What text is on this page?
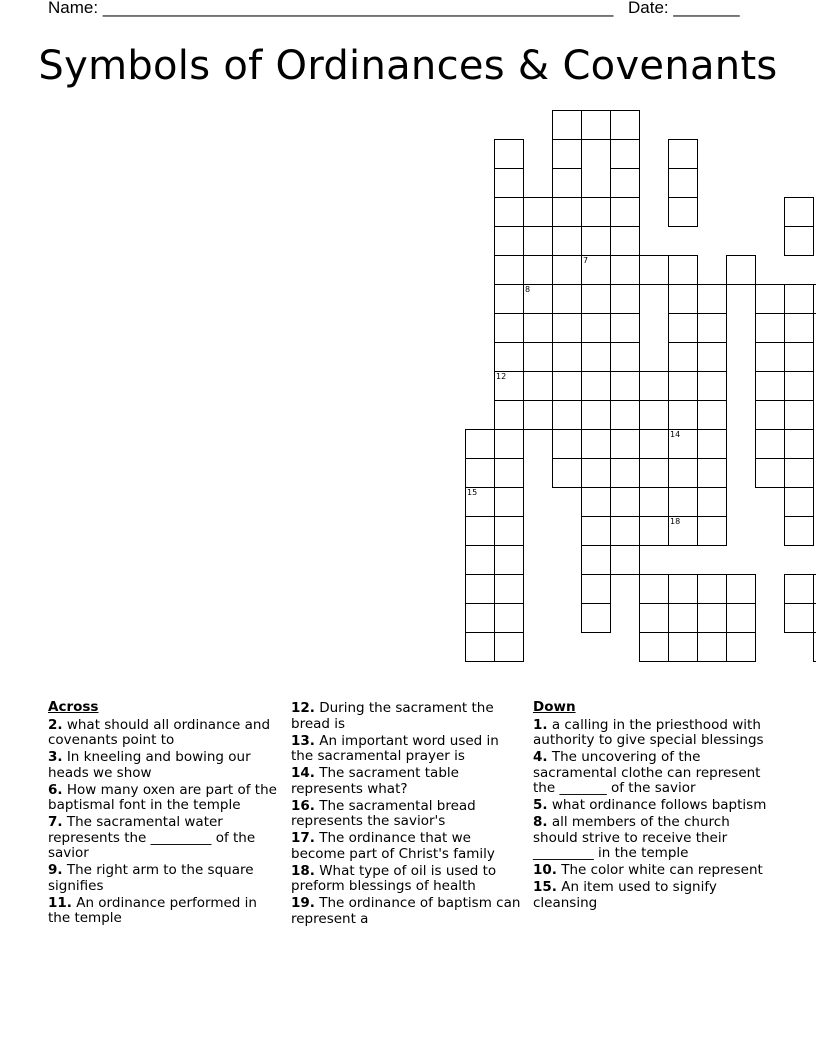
Name: ______________________________________________________ Date: _______
Symbols of Ordinances & Covenants
15
12
8
7
14
18
Across
2. what should all ordinance and covenants point to
3. In kneeling and bowing our heads we show
6. How many oxen are part of the baptismal font in the temple
7. The sacramental water represents the _________ of the savior
9. The right arm to the square signifies
11. An ordinance performed in the temple
12. During the sacrament the bread is
13. An important word used in the sacramental prayer is
14. The sacrament table represents what?
16. The sacramental bread represents the savior's
17. The ordinance that we become part of Christ's family
18. What type of oil is used to preform blessings of health
19. The ordinance of baptism can represent a
Down
1. a calling in the priesthood with authority to give special blessings
4. The uncovering of the sacramental clothe can represent the _______ of the savior
5. what ordinance follows baptism
8. all members of the church should strive to receive their _________ in the temple
10. The color white can represent
15. An item used to signify cleansing
